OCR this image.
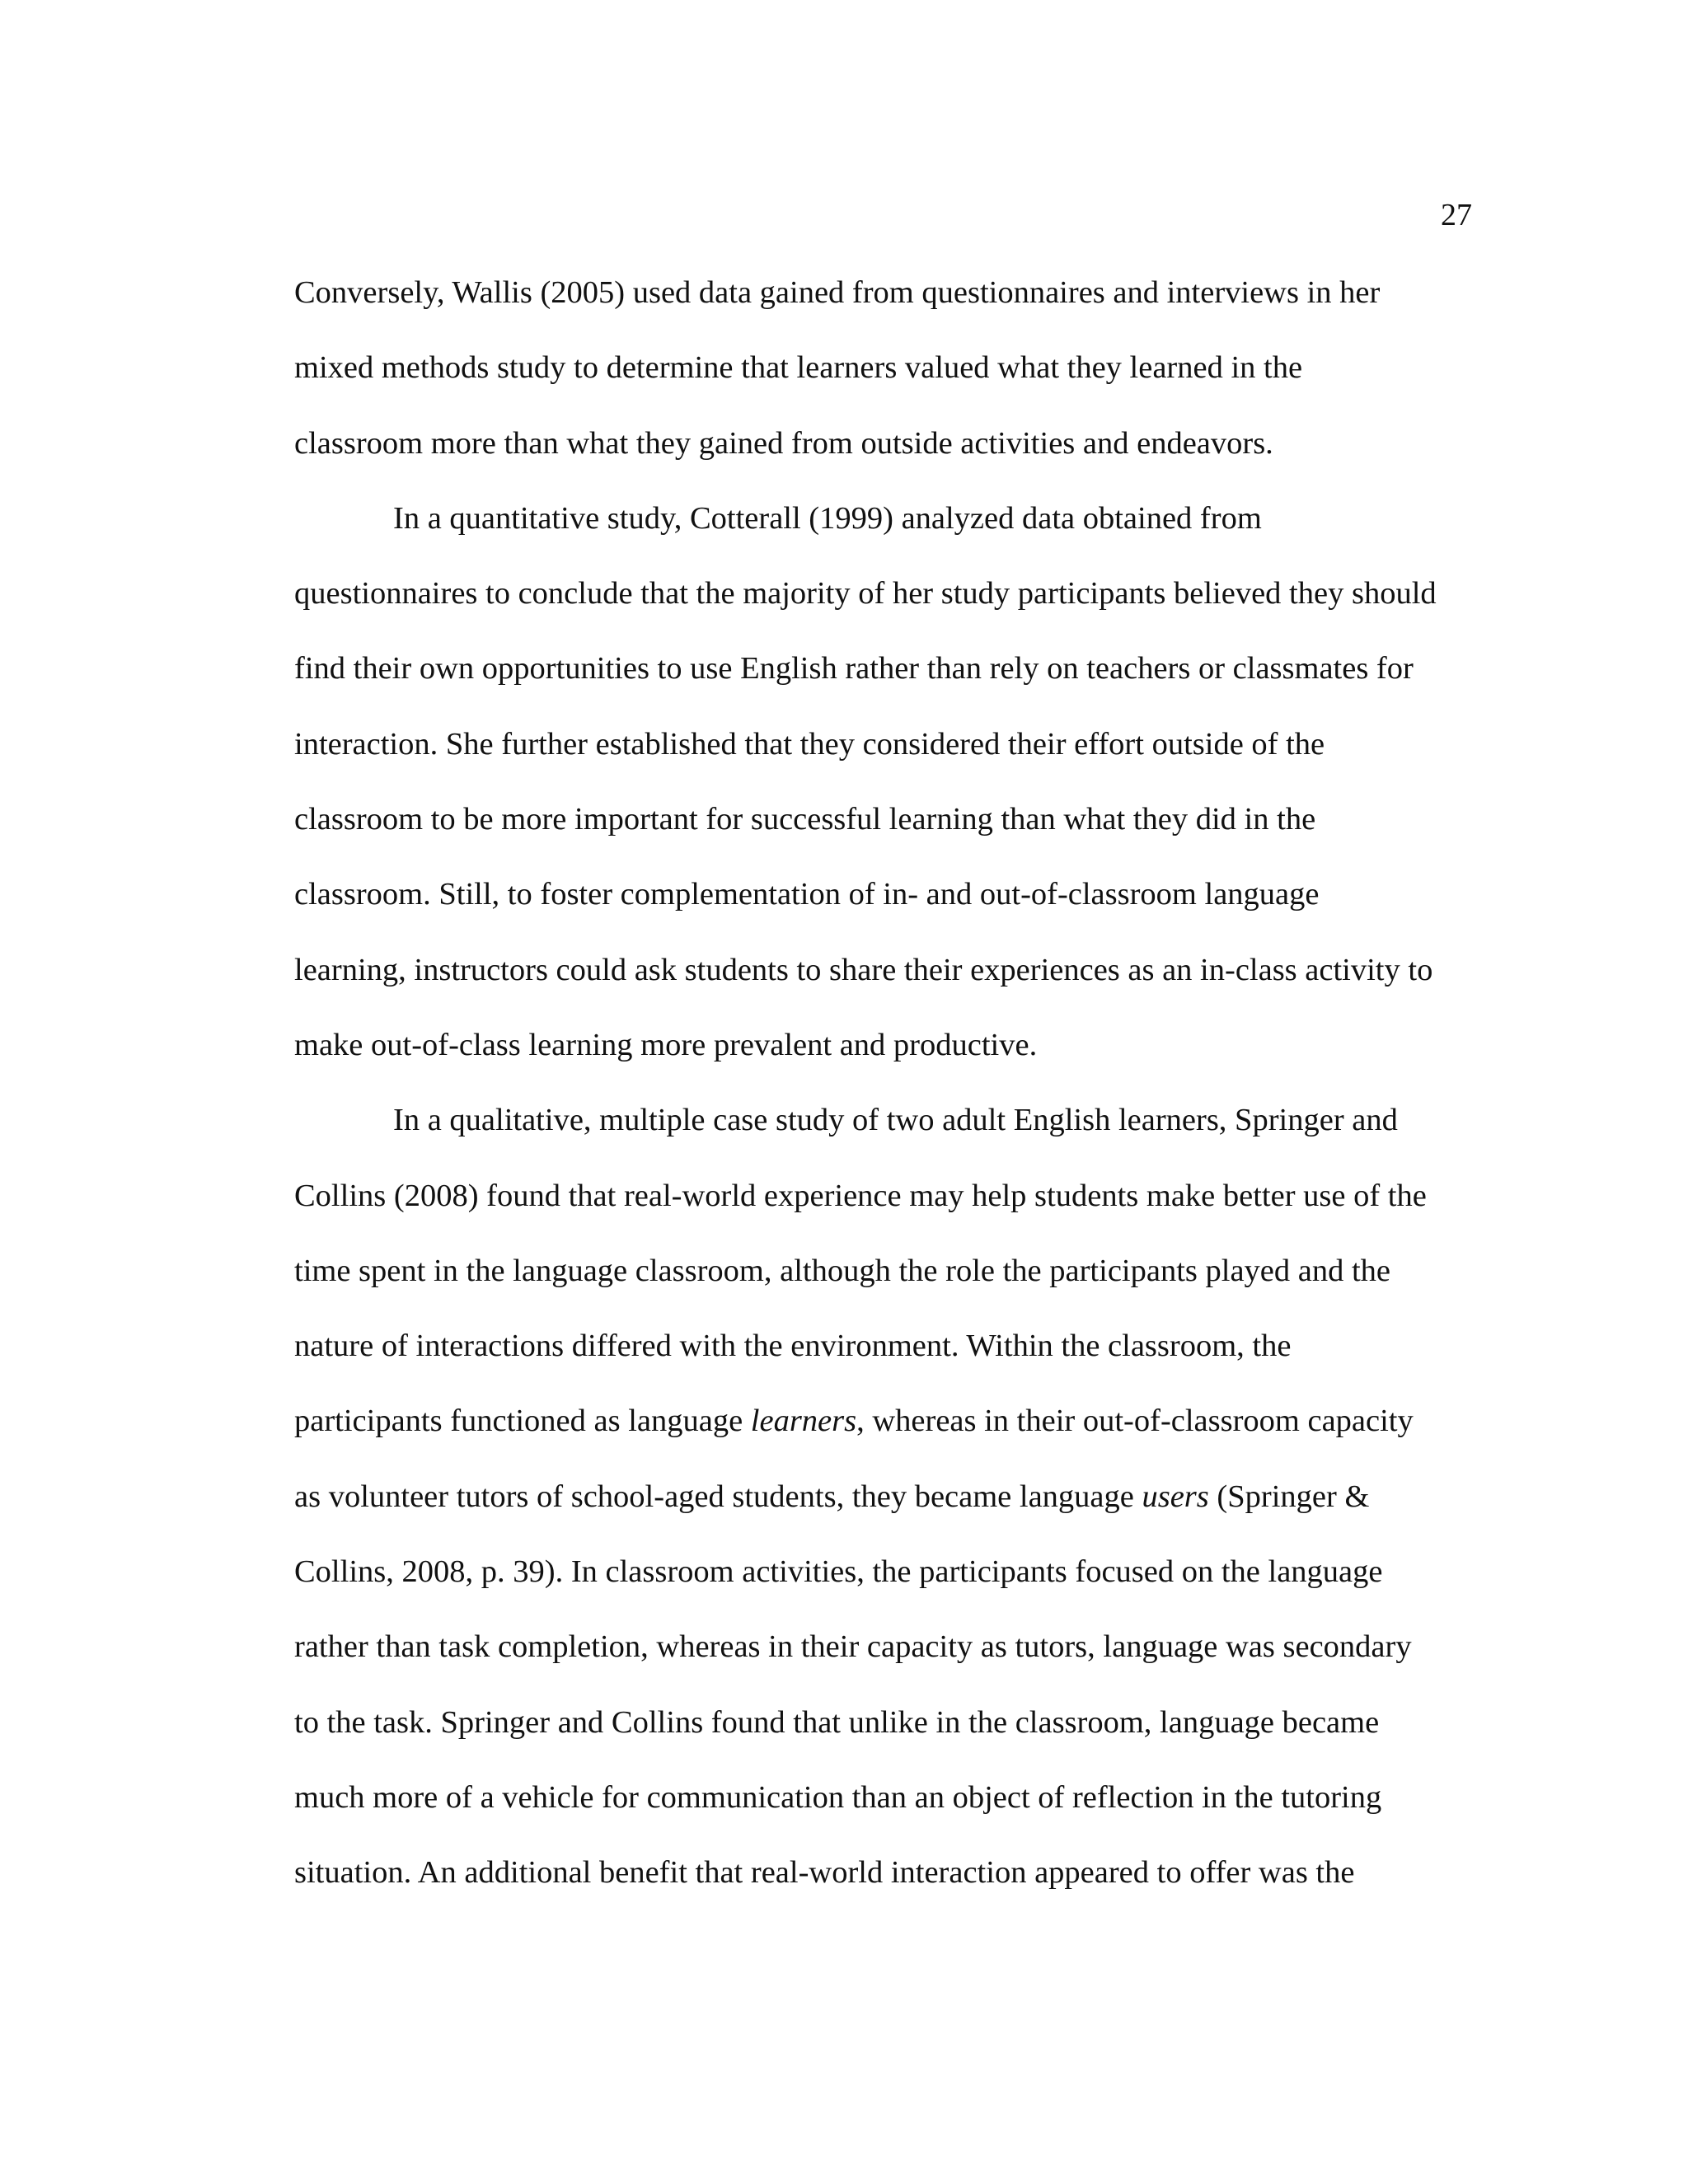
27
Conversely, Wallis (2005) used data gained from questionnaires and interviews in her
mixed methods study to determine that learners valued what they learned in the
classroom more than what they gained from outside activities and endeavors.
In a quantitative study, Cotterall (1999) analyzed data obtained from
questionnaires to conclude that the majority of her study participants believed they should
find their own opportunities to use English rather than rely on teachers or classmates for
interaction. She further established that they considered their effort outside of the
classroom to be more important for successful learning than what they did in the
classroom. Still, to foster complementation of in- and out-of-classroom language
learning, instructors could ask students to share their experiences as an in-class activity to
make out-of-class learning more prevalent and productive.
In a qualitative, multiple case study of two adult English learners, Springer and
Collins (2008) found that real-world experience may help students make better use of the
time spent in the language classroom, although the role the participants played and the
nature of interactions differed with the environment. Within the classroom, the
participants functioned as language learners, whereas in their out-of-classroom capacity
as volunteer tutors of school-aged students, they became language users (Springer &
Collins, 2008, p. 39). In classroom activities, the participants focused on the language
rather than task completion, whereas in their capacity as tutors, language was secondary
to the task. Springer and Collins found that unlike in the classroom, language became
much more of a vehicle for communication than an object of reflection in the tutoring
situation. An additional benefit that real-world interaction appeared to offer was the
